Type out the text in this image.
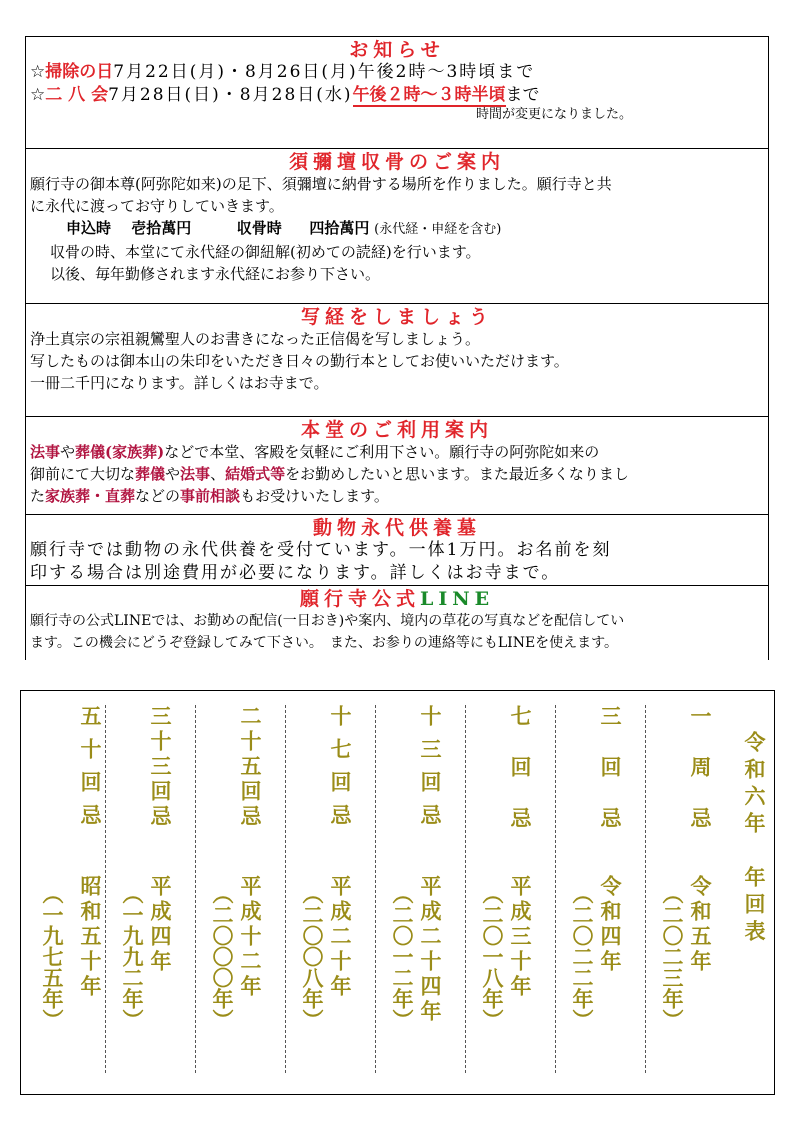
お知らせ
☆掃除の日7月22日(月)・8月26日(月)午後2時～3時頃まで
☆二 八 会7月28日(日)・8月28日(水)午後２時～３時半頃まで
時間が変更になりました。
須彌壇収骨のご案内
願行寺の御本尊(阿弥陀如来)の足下、須彌壇に納骨する場所を作りました。願行寺と共
に永代に渡ってお守りしていきます。
申込時　 壱拾萬円	収骨時 四拾萬円 (永代経・申経を含む)
収骨の時、本堂にて永代経の御紐解(初めての読経)を行います。
以後、毎年勤修されます永代経にお参り下さい。
写経をしましょう
浄土真宗の宗祖親鸞聖人のお書きになった正信偈を写しましょう。
写したものは御本山の朱印をいただき日々の勤行本としてお使いいただけます。
一冊二千円になります。詳しくはお寺まで。
本堂のご利用案内
法事や葬儀(家族葬)などで本堂、客殿を気軽にご利用下さい。願行寺の阿弥陀如来の
御前にて大切な葬儀や法事、結婚式等をお勤めしたいと思います。また最近多くなりまし
た家族葬・直葬などの事前相談もお受けいたします。
動物永代供養墓
願行寺では動物の永代供養を受付ています。一体1万円。お名前を刻
印する場合は別途費用が必要になります。詳しくはお寺まで。
願行寺公式LINE
願行寺の公式LINEでは、お勤めの配信(一日おき)や案内、境内の草花の写真などを配信してい
ます。この機会にどうぞ登録してみて下さい。　また、お参りの連絡等にもLINEを使えます。
令和六年　年回表
一周忌
令和五年
（二〇二三年）
三回忌
令和四年
（二〇二二年）
七回忌
平成三十年
（二〇一八年）
十三回忌
平成二十四年
（二〇一二年）
十七回忌
平成二十年
（二〇〇八年）
二十五回忌
平成十二年
（二〇〇〇年）
三十三回忌
平成四年
（一九九二年）
五十回忌
昭和五十年
（一九七五年）
